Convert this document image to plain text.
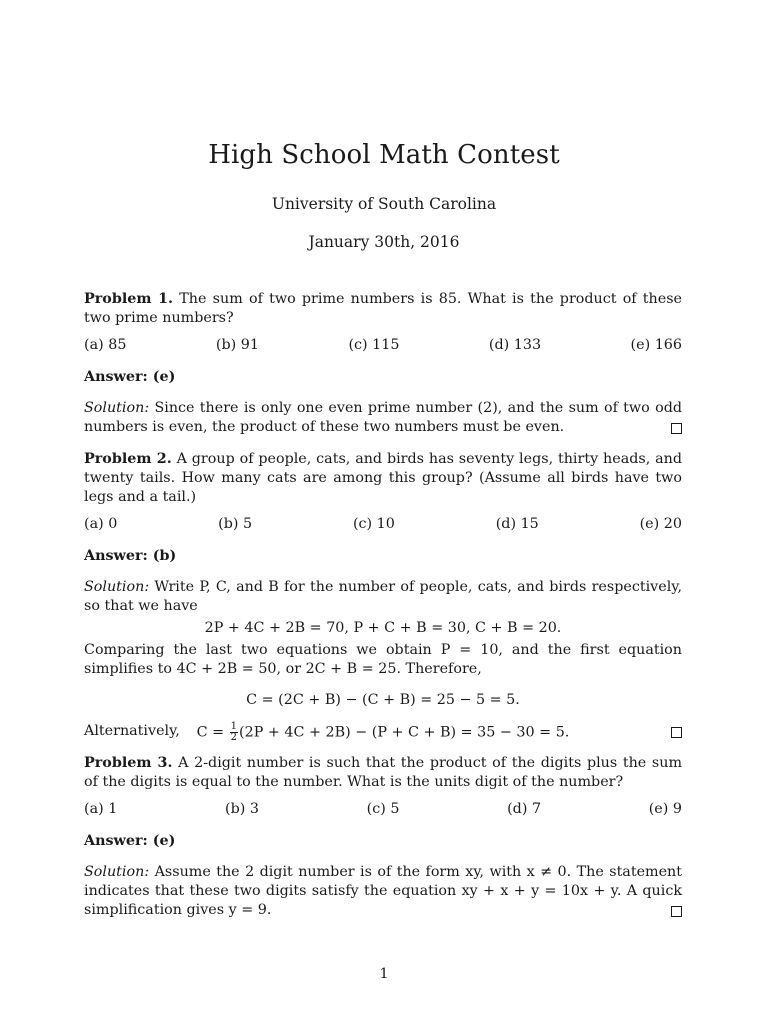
High School Math Contest
University of South Carolina
January 30th, 2016

Problem 1. The sum of two prime numbers is 85. What is the product of these two prime numbers?

(a) 85	(b) 91	(c) 115	(d) 133	(e) 166

Answer: (e)

Solution: Since there is only one even prime number (2), and the sum of two odd numbers is even, the product of these two numbers must be even.

Problem 2. A group of people, cats, and birds has seventy legs, thirty heads, and twenty tails. How many cats are among this group? (Assume all birds have two legs and a tail.)

(a) 0	(b) 5	(c) 10	(d) 15	(e) 20

Answer: (b)

Solution: Write P, C, and B for the number of people, cats, and birds respectively, so that we have

2P + 4C + 2B = 70, P + C + B = 30, C + B = 20.

Comparing the last two equations we obtain P = 10, and the first equation simplifies to 4C + 2B = 50, or 2C + B = 25. Therefore,

C = (2C + B) − (C + B) = 25 − 5 = 5.

Alternatively,	$C = \frac{1}{2} (2P + 4C + 2B) - (P + C + B) = 35 - 30 = 5$.

Problem 3. A 2-digit number is such that the product of the digits plus the sum of the digits is equal to the number. What is the units digit of the number?

(a) 1	(b) 3	(c) 5	(d) 7	(e) 9

Answer: (e)

Solution: Assume the 2 digit number is of the form xy, with x ≠ 0. The statement indicates that these two digits satisfy the equation xy + x + y = 10x + y. A quick simplification gives y = 9.

1
